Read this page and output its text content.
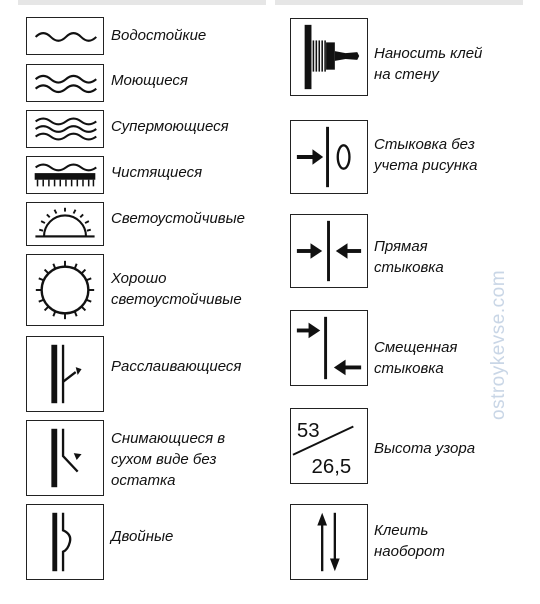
Водостойкие
Моющиеся
Супермоющиеся
Чистящиеся
Светоустойчивые
Хорошо
светоустойчивые
Расслаивающиеся
Снимающиеся в
сухом виде без
остатка
Двойные
Наносить клей
на стену
Стыковка без
учета рисунка
Прямая
стыковка
Смещенная
стыковка
53
26,5
Высота узора
Клеить
наоборот
ostroykevse.com
